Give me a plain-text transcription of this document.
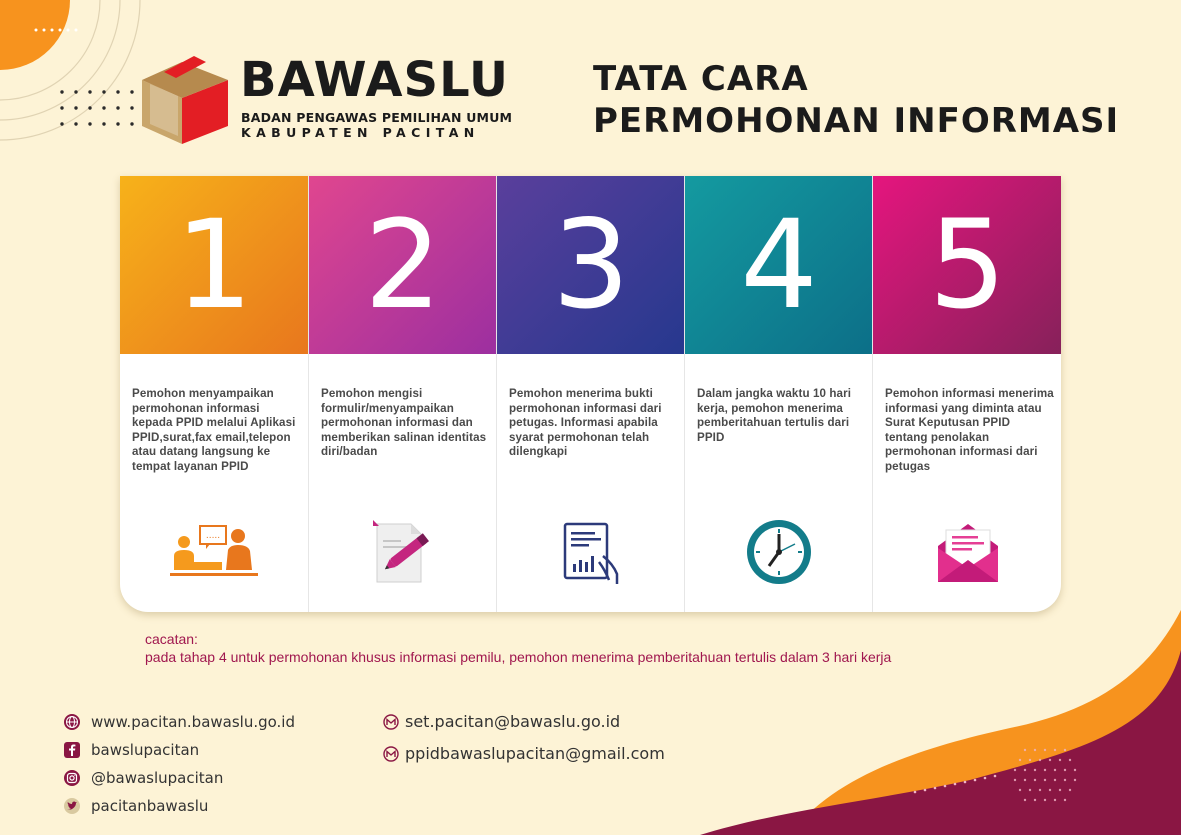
BAWASLU
BADAN PENGAWAS PEMILIHAN UMUM
KABUPATEN PACITAN
TATA CARA
PERMOHONAN INFORMASI
1
Pemohon menyampaikan permohonan informasi kepada PPID melalui Aplikasi PPID,surat,fax email,telepon atau datang langsung ke tempat layanan PPID
.....
2
Pemohon mengisi formulir/menyampaikan permohonan informasi dan memberikan salinan identitas diri/badan
3
Pemohon menerima bukti permohonan informasi dari petugas. Informasi apabila syarat permohonan telah dilengkapi
4
Dalam jangka waktu 10 hari kerja, pemohon menerima pemberitahuan tertulis dari PPID
5
Pemohon informasi menerima informasi yang diminta atau Surat Keputusan PPID tentang penolakan permohonan informasi dari petugas
cacatan:
pada tahap 4 untuk permohonan khusus informasi pemilu, pemohon menerima pemberitahuan tertulis dalam 3 hari kerja
www.pacitan.bawaslu.go.id
bawslupacitan
@bawaslupacitan
pacitanbawaslu
set.pacitan@bawaslu.go.id
ppidbawaslupacitan@gmail.com
